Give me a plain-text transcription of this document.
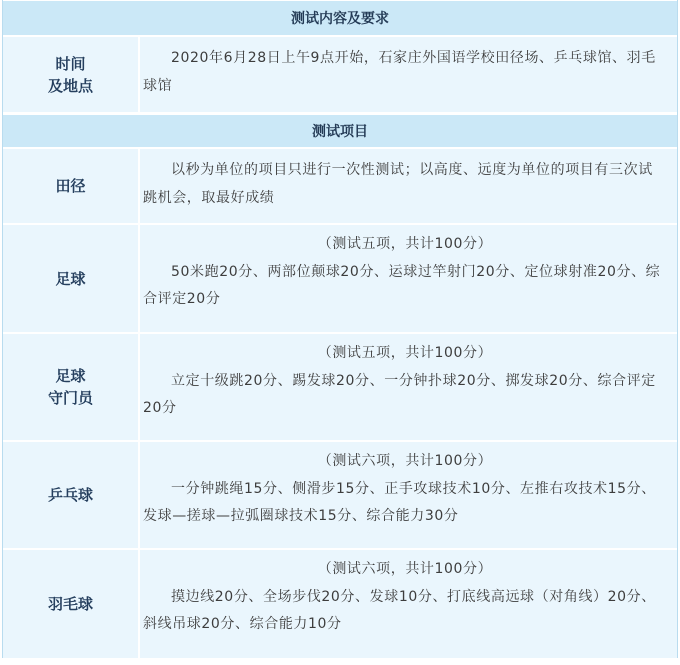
测试内容及要求
时间
及地点
2020年6月28日上午9点开始，石家庄外国语学校田径场、乒乓球馆、羽毛球馆
测试项目
田径
以秒为单位的项目只进行一次性测试；以高度、远度为单位的项目有三次试跳机会，取最好成绩
足球
（测试五项，共计100分）
50米跑20分、两部位颠球20分、运球过竿射门20分、定位球射准20分、综合评定20分
足球
守门员
（测试五项，共计100分）
立定十级跳20分、踢发球20分、一分钟扑球20分、掷发球20分、综合评定20分
乒乓球
（测试六项，共计100分）
一分钟跳绳15分、侧滑步15分、正手攻球技术10分、左推右攻技术15分、发球—搓球—拉弧圈球技术15分、综合能力30分
羽毛球
（测试六项，共计100分）
摸边线20分、全场步伐20分、发球10分、打底线高远球（对角线）20分、斜线吊球20分、综合能力10分
